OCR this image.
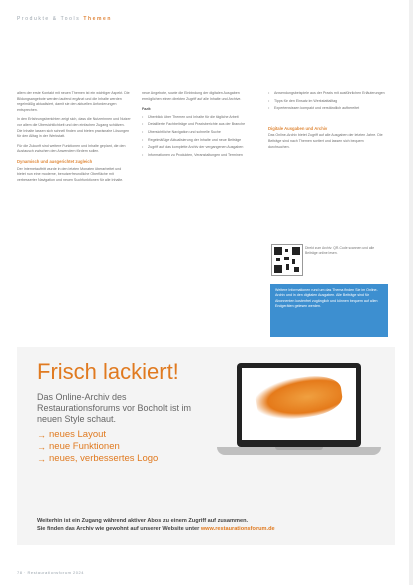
Produkte & Tools Themen

allem der erste Kontakt mit neuen Themen ist ein wichtiger Aspekt. Die Bildungsangebote werden laufend ergänzt und die Inhalte werden regelmäßig aktualisiert, damit sie den aktuellen Anforderungen entsprechen.

In den Erfahrungsberichten zeigt sich, dass die Nutzerinnen und Nutzer vor allem die Übersichtlichkeit und den einfachen Zugang schätzen. Die Inhalte lassen sich schnell finden und bieten praxisnahe Lösungen für den Alltag in der Werkstatt.

Für die Zukunft sind weitere Funktionen und Inhalte geplant, die den Austausch zwischen den Anwendern fördern sollen.

Dynamisch und ausgerichtet zugleich

Der Internetauftritt wurde in den letzten Monaten überarbeitet und bietet nun eine moderne, benutzerfreundliche Oberfläche mit verbesserter Navigation und neuen Suchfunktionen für alle Inhalte.

neue Angebote, sowie die Einbindung der digitalen Ausgaben ermöglichen einen direkten Zugriff auf alle Inhalte und Archive.

Fazit:
• Überblick über Themen und Inhalte für die tägliche Arbeit
• Detaillierte Fachbeiträge und Praxisberichte aus der Branche
• Übersichtliche Navigation und schnelle Suche
• Regelmäßige Aktualisierung der Inhalte und neue Beiträge
• Zugriff auf das komplette Archiv der vergangenen Ausgaben
• Informationen zu Produkten, Veranstaltungen und Terminen
• Anwendungsbeispiele aus der Praxis mit ausführlichen Erläuterungen
• Tipps für den Einsatz im Werkstattalltag
• Expertenwissen kompakt und verständlich aufbereitet
Digitale Ausgaben und Archiv

Das Online-Archiv bietet Zugriff auf alle Ausgaben der letzten Jahre. Die Beiträge sind nach Themen sortiert und lassen sich bequem durchsuchen.

Direkt zum Archiv: QR-Code scannen und alle Beiträge online lesen.
Weitere Informationen rund um das Thema finden Sie im Online-Archiv und in den digitalen Ausgaben. Alle Beiträge sind für Abonnenten kostenfrei zugänglich und können bequem auf allen Endgeräten gelesen werden.
Frisch lackiert!
Das Online-Archiv des Restaurationsforums vor Bocholt ist im neuen Style schaut.
→ neues Layout
→ neue Funktionen
→ neues, verbessertes Logo
Weiterhin ist ein Zugang während aktiver Abos zu einem Zugriff auf zusammen.
Sie finden das Archiv wie gewohnt auf unserer Website unter www.restaurationsforum.de
78 · Restaurationsforum 2024
